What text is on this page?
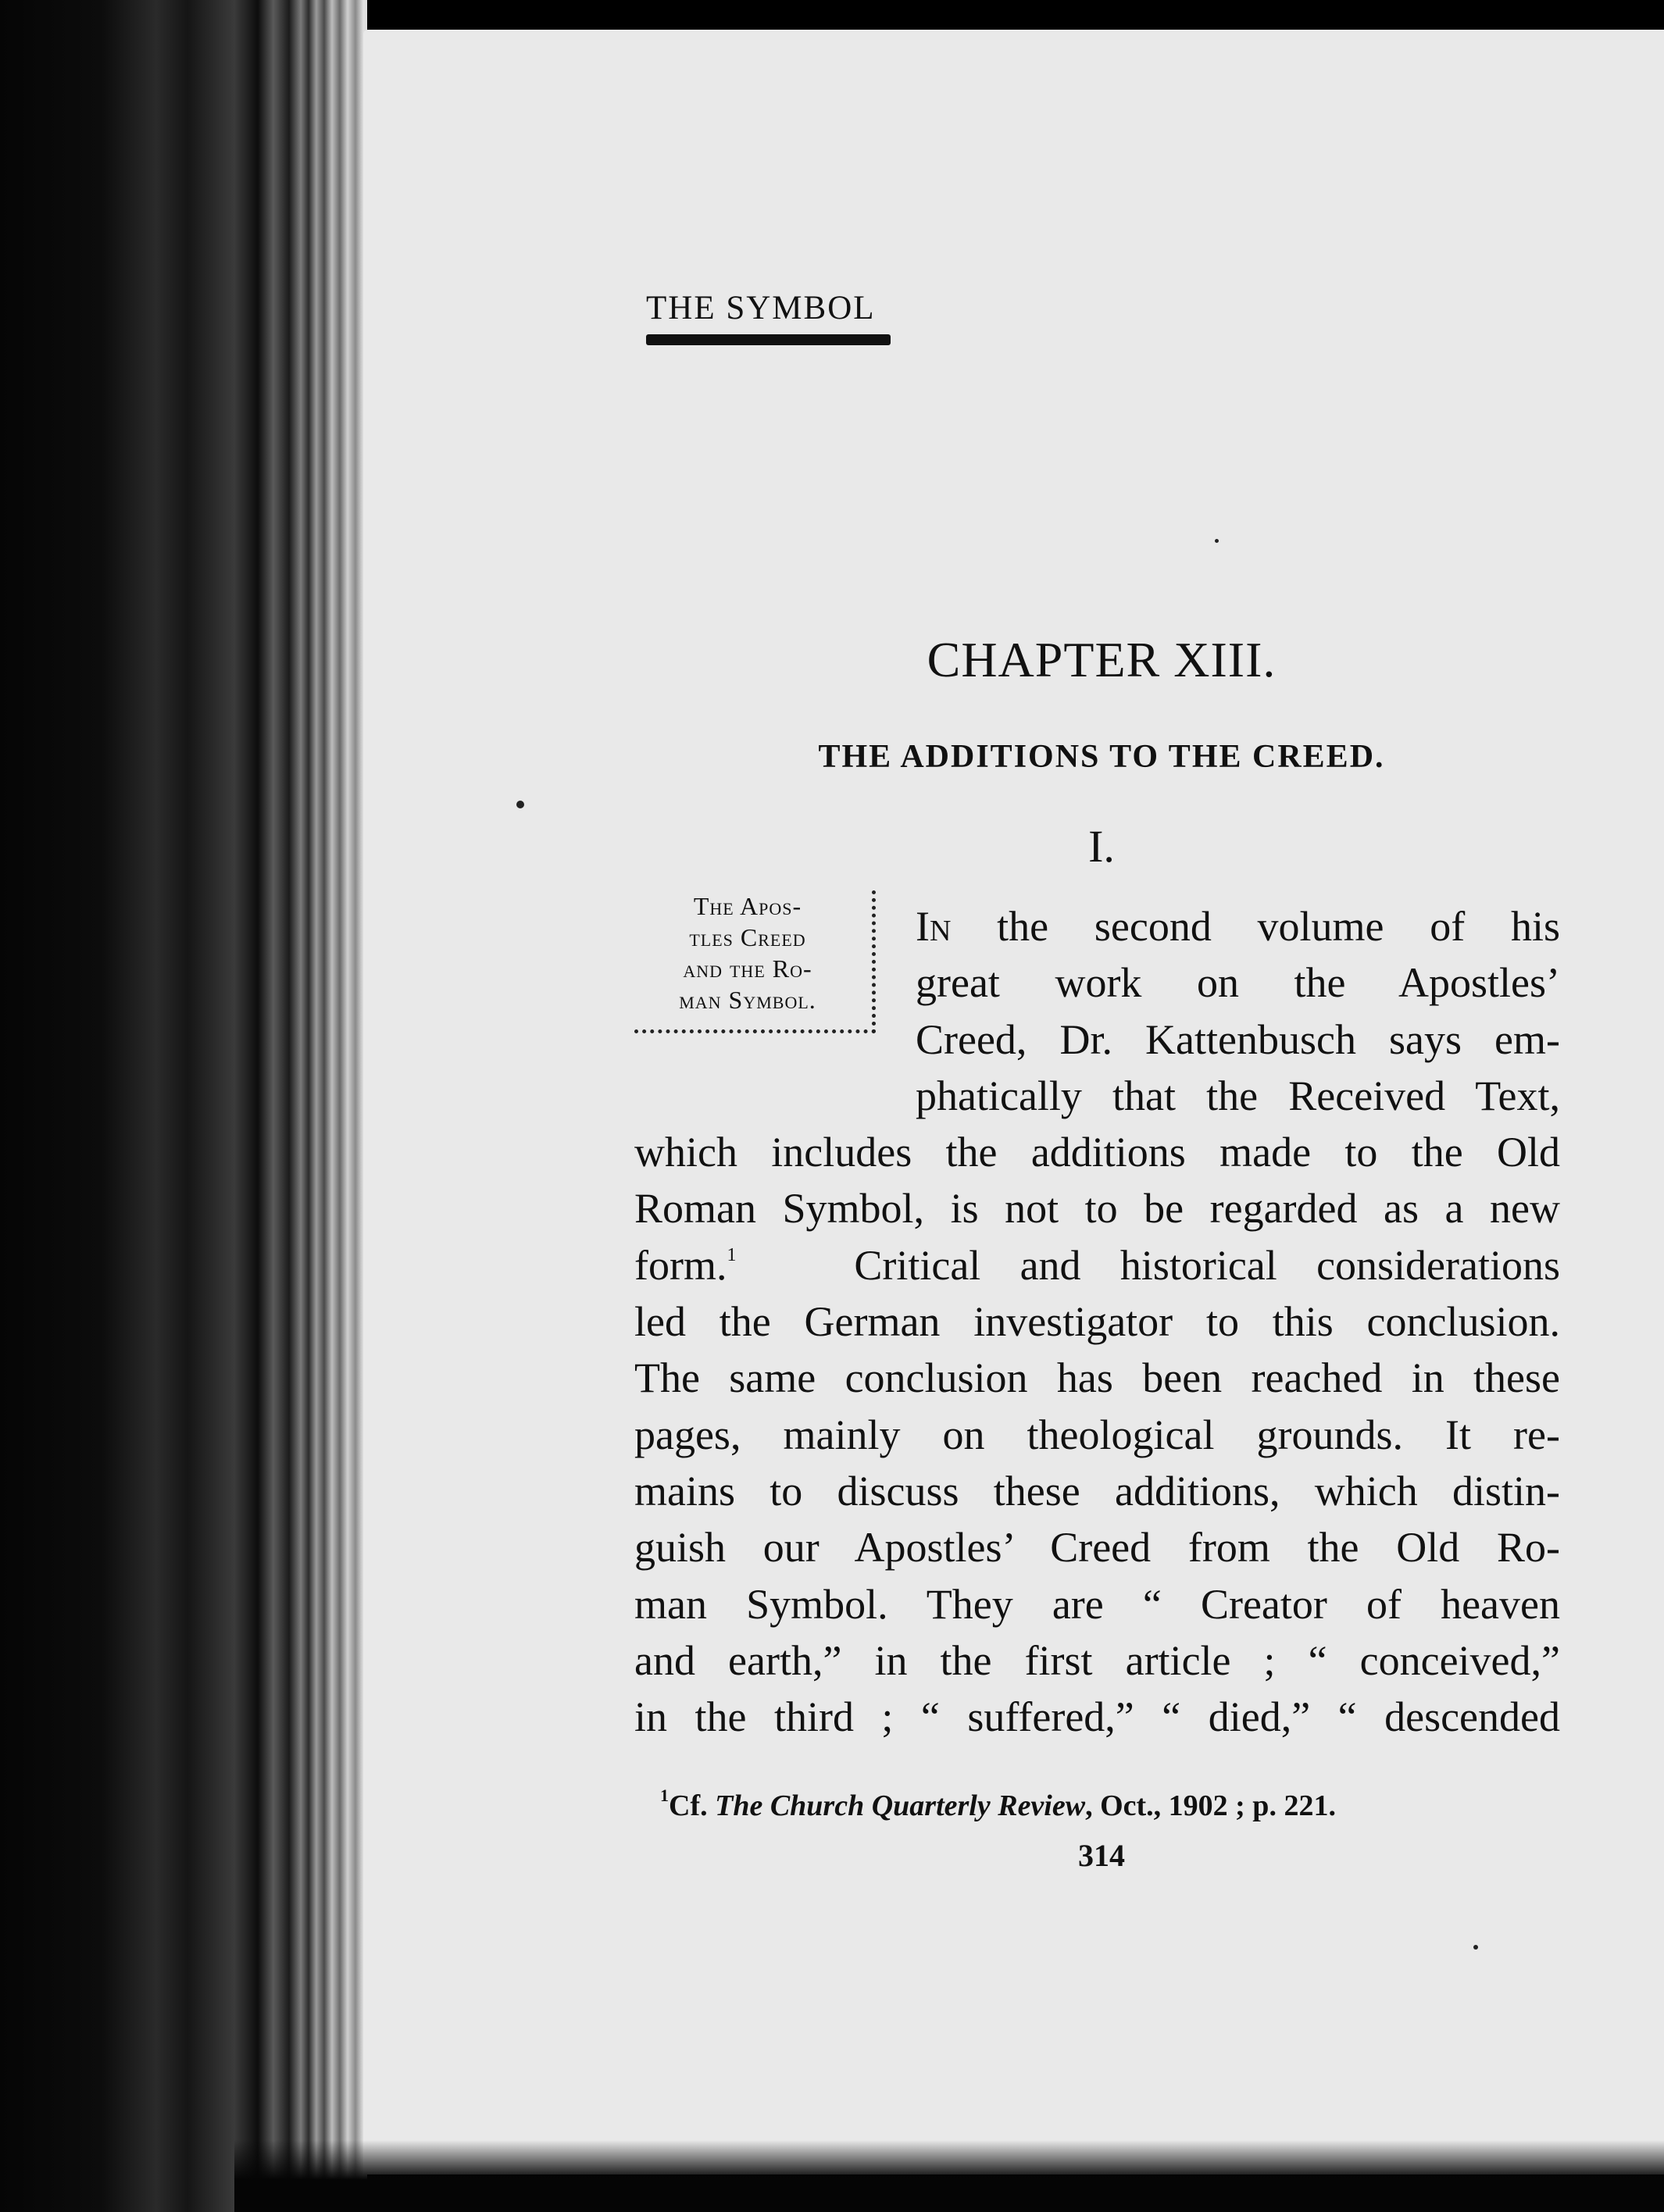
THE SYMBOL
CHAPTER XIII.
THE ADDITIONS TO THE CREED.
I.
The Apos-
tles Creed
and the Ro-
man Symbol.
In the second volume of his
great work on the Apostles’
Creed, Dr. Kattenbusch says em-
phatically that the Received Text,
which includes the additions made to the Old
Roman Symbol, is not to be regarded as a new
form.$^1$	Critical and historical considerations
led the German investigator to this conclusion.
The same conclusion has been reached in these
pages, mainly on theological grounds. It re-
mains to discuss these additions, which distin-
guish our Apostles’ Creed from the Old Ro-
man Symbol. They are “ Creator of heaven
and earth,” in the first article ; “ conceived,”
in the third ; “ suffered,” “ died,” “ descended
$^1$Cf. The Church Quarterly Review, Oct., 1902 ; p. 221.
314
